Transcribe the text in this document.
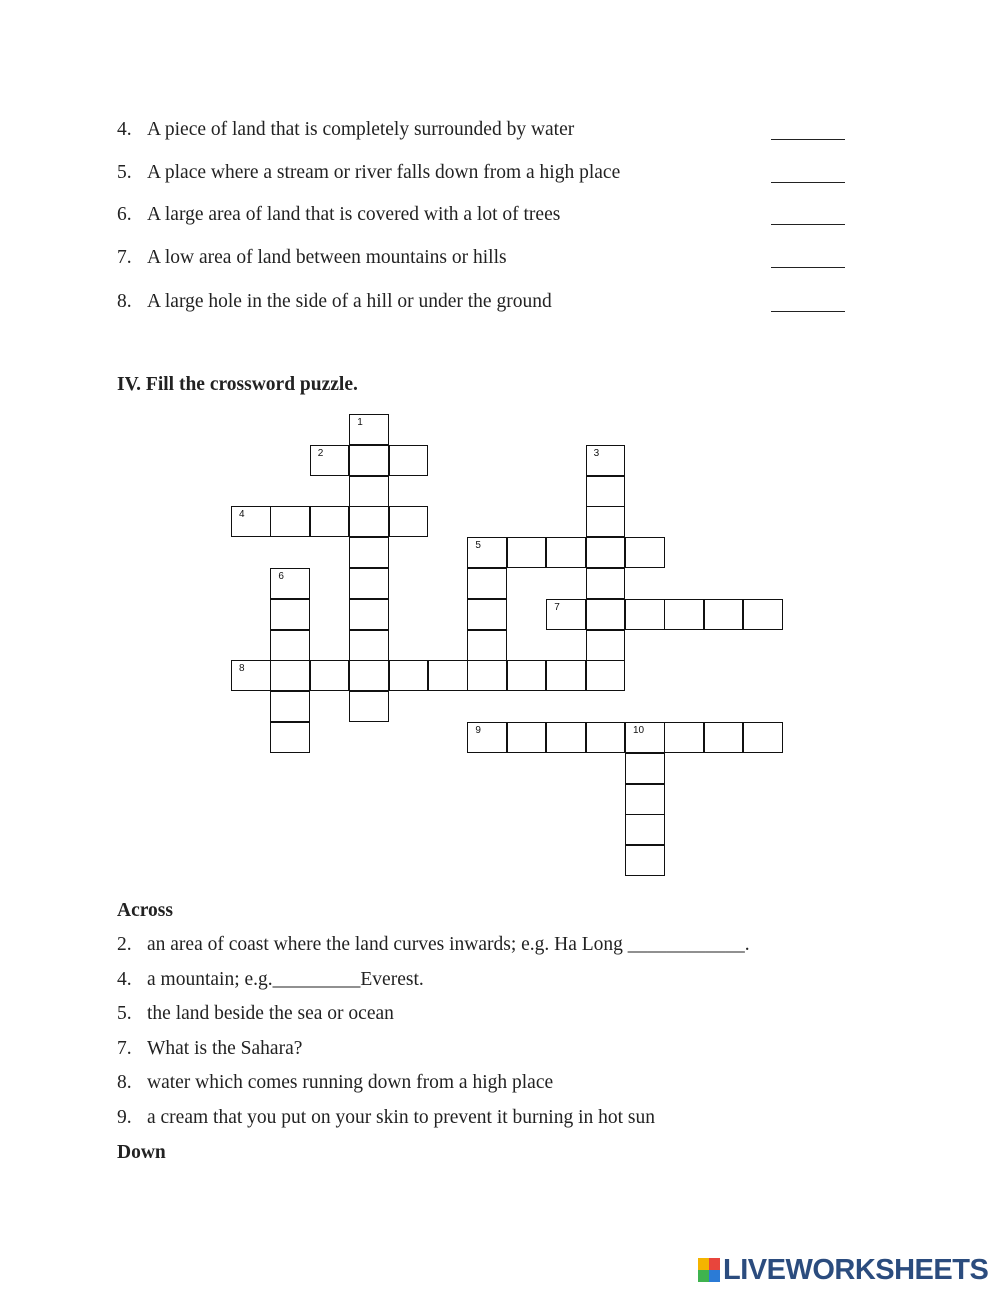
4. A piece of land that is completely surrounded by water
5. A place where a stream or river falls down from a high place
6. A large area of land that is covered with a lot of trees
7. A low area of land between mountains or hills
8. A large hole in the side of a hill or under the ground
IV. Fill the crossword puzzle.
1
2	3
4
5
6
7
8
9	10
Across
2. an area of coast where the land curves inwards; e.g. Ha Long ____________.
4. a mountain; e.g._________Everest.
5. the land beside the sea or ocean
7. What is the Sahara?
8. water which comes running down from a high place
9. a cream that you put on your skin to prevent it burning in hot sun
Down
LIVEWORKSHEETS
